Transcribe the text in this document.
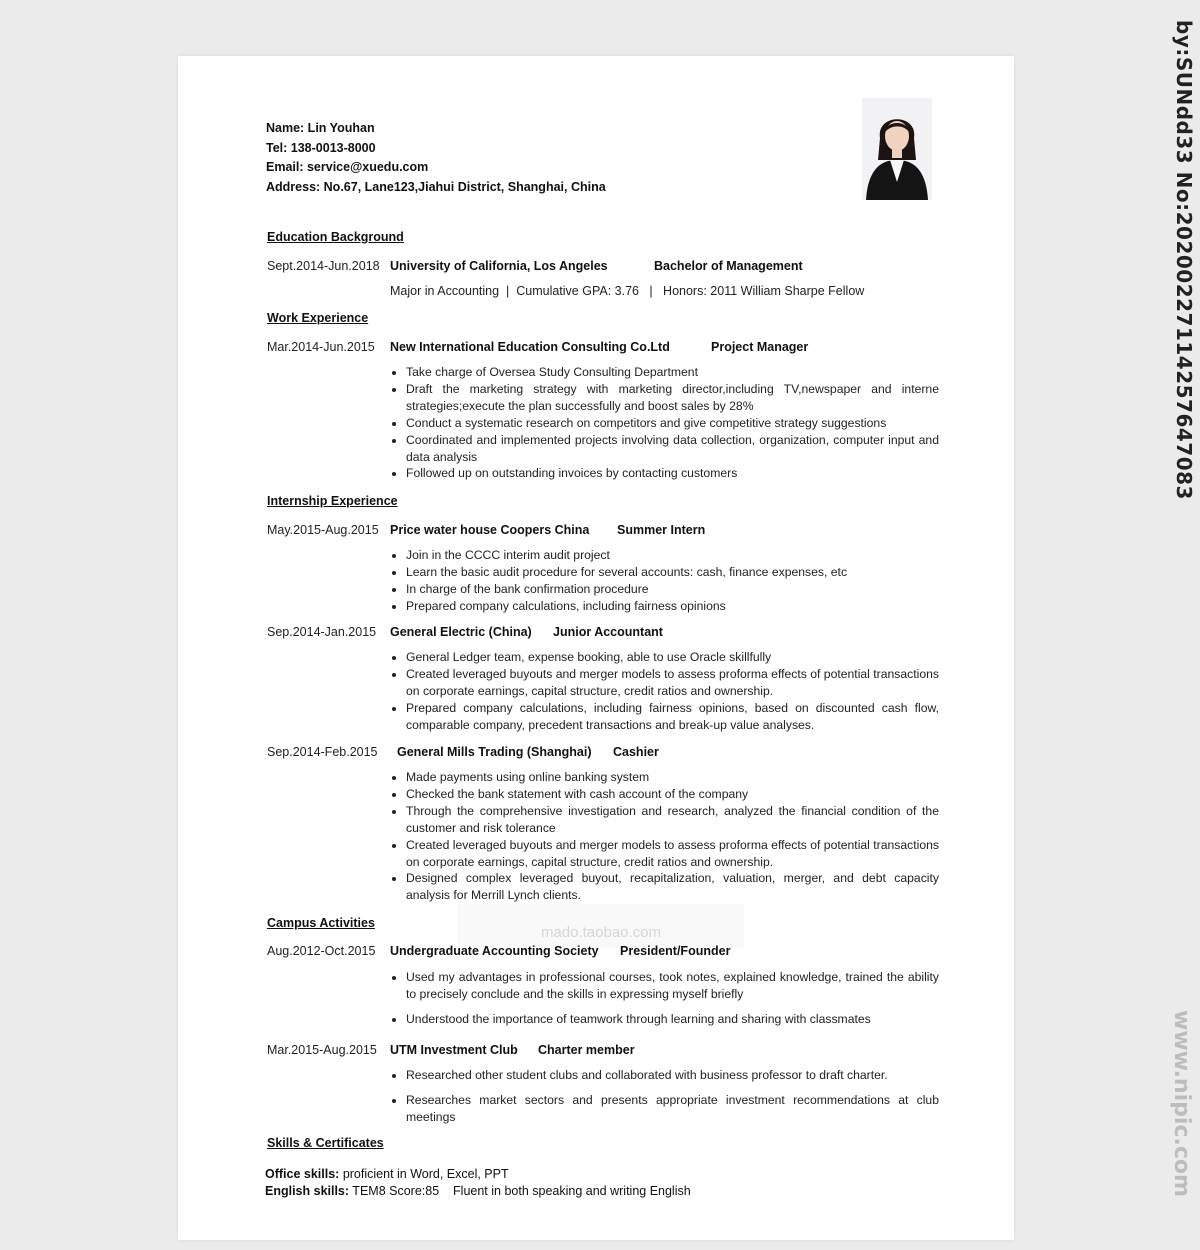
Name: Lin Youhan
Tel: 138-0013-8000
Email: service@xuedu.com
Address: No.67, Lane123,Jiahui District, Shanghai, China
Education Background
Sept.2014-Jun.2018 University of California, Los Angeles	Bachelor of Management
Major in Accounting  |  Cumulative GPA: 3.76   |   Honors: 2011 William Sharpe Fellow
Work Experience
Mar.2014-Jun.2015 New International Education Consulting Co.Ltd	Project Manager
• Take charge of Oversea Study Consulting Department
• Draft the marketing strategy with marketing director,including TV,newspaper and interne strategies;execute the plan successfully and boost sales by 28%
• Conduct a systematic research on competitors and give competitive strategy suggestions
• Coordinated and implemented projects involving data collection, organization, computer input and data analysis
• Followed up on outstanding invoices by contacting customers
Internship Experience
May.2015-Aug.2015 Price water house Coopers China Summer Intern
• Join in the CCCC interim audit project
• Learn the basic audit procedure for several accounts: cash, finance expenses, etc
• In charge of the bank confirmation procedure
• Prepared company calculations, including fairness opinions
Sep.2014-Jan.2015 General Electric (China) Junior Accountant
• General Ledger team, expense booking, able to use Oracle skillfully
• Created leveraged buyouts and merger models to assess proforma effects of potential transactions on corporate earnings, capital structure, credit ratios and ownership.
• Prepared company calculations, including fairness opinions, based on discounted cash flow, comparable company, precedent transactions and break-up value analyses.
Sep.2014-Feb.2015 General Mills Trading (Shanghai) Cashier
• Made payments using online banking system
• Checked the bank statement with cash account of the company
• Through the comprehensive investigation and research, analyzed the financial condition of the customer and risk tolerance
• Created leveraged buyouts and merger models to assess proforma effects of potential transactions on corporate earnings, capital structure, credit ratios and ownership.
• Designed complex leveraged buyout, recapitalization, valuation, merger, and debt capacity analysis for Merrill Lynch clients.
mado.taobao.com
Campus Activities
Aug.2012-Oct.2015 Undergraduate Accounting Society President/Founder
• Used my advantages in professional courses, took notes, explained knowledge, trained the ability to precisely conclude and the skills in expressing myself briefly
• Understood the importance of teamwork through learning and sharing with classmates
Mar.2015-Aug.2015 UTM Investment Club Charter member
• Researched other student clubs and collaborated with business professor to draft charter.
• Researches market sectors and presents appropriate investment recommendations at club meetings
Skills & Certificates
Office skills: proficient in Word, Excel, PPT
English skills: TEM8 Score:85    Fluent in both speaking and writing English
by:SUNdd33 No:20200227114257647083
www.nipic.com
